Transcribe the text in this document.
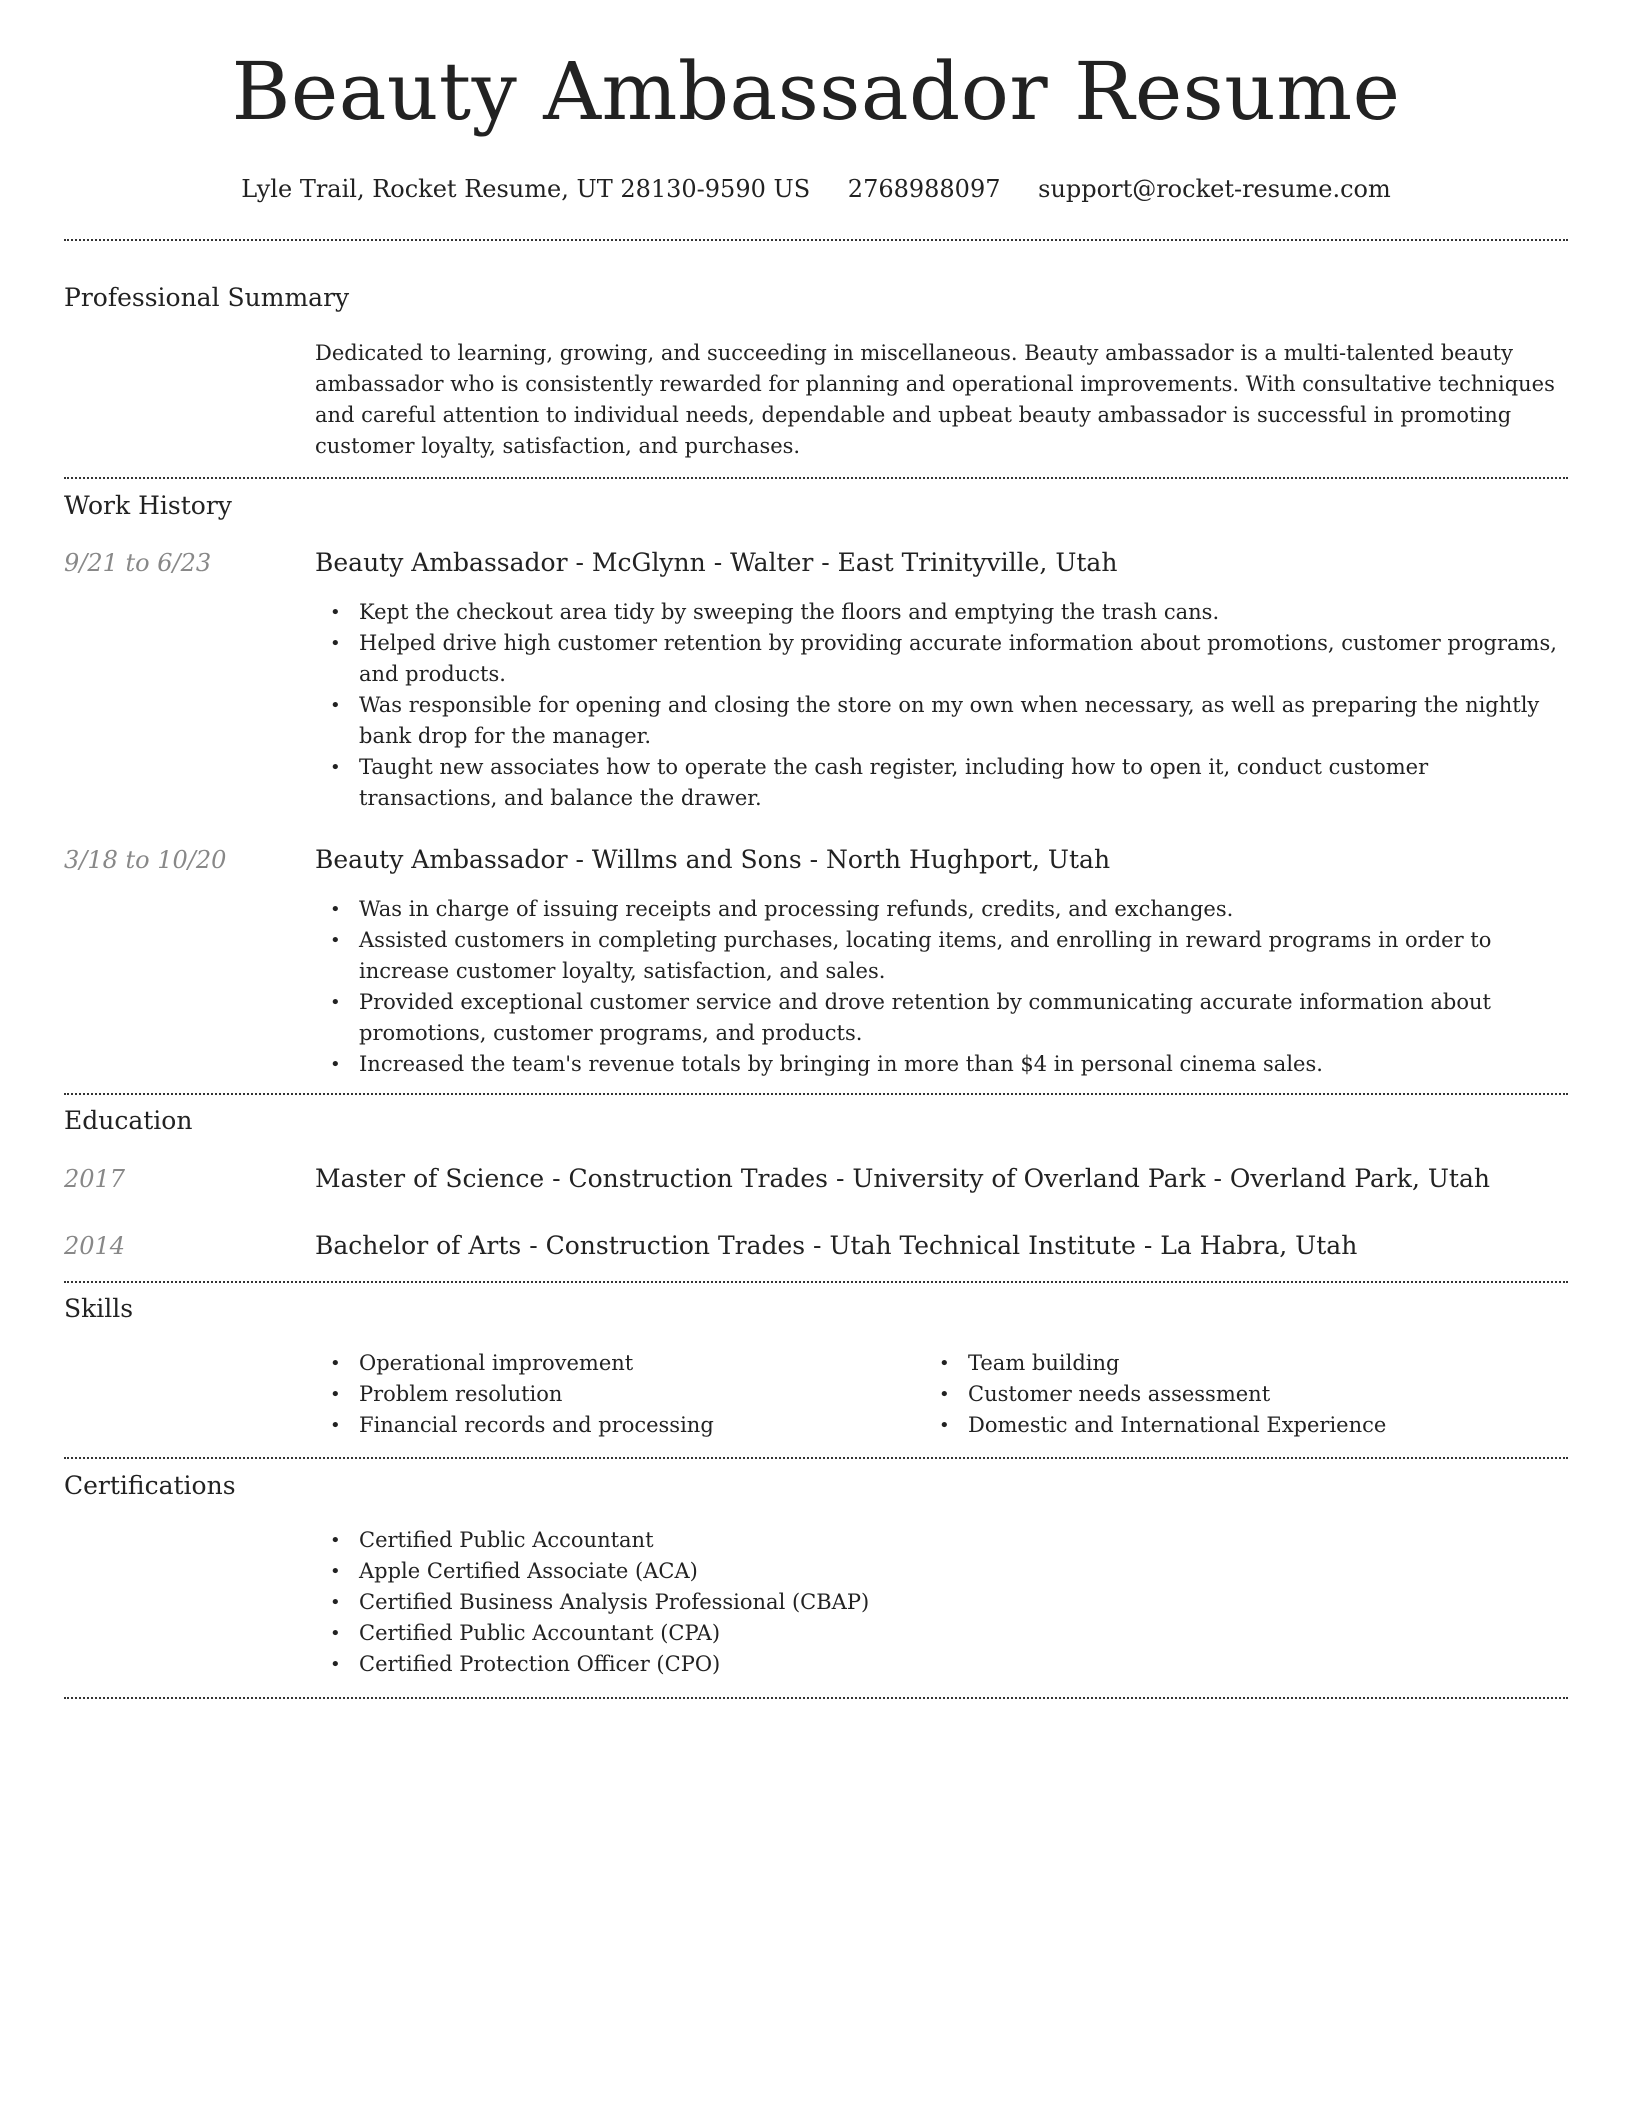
Beauty Ambassador Resume
Lyle Trail, Rocket Resume, UT 28130-9590 US 2768988097 support@rocket-resume.com
Professional Summary
Dedicated to learning, growing, and succeeding in miscellaneous. Beauty ambassador is a multi-talented beauty ambassador who is consistently rewarded for planning and operational improvements. With consultative techniques and careful attention to individual needs, dependable and upbeat beauty ambassador is successful in promoting customer loyalty, satisfaction, and purchases.
Work History
9/21 to 6/23	Beauty Ambassador - McGlynn - Walter - East Trinityville, Utah
• Kept the checkout area tidy by sweeping the floors and emptying the trash cans.
• Helped drive high customer retention by providing accurate information about promotions, customer programs, and products.
• Was responsible for opening and closing the store on my own when necessary, as well as preparing the nightly bank drop for the manager.
• Taught new associates how to operate the cash register, including how to open it, conduct customer transactions, and balance the drawer.
3/18 to 10/20	Beauty Ambassador - Willms and Sons - North Hughport, Utah
• Was in charge of issuing receipts and processing refunds, credits, and exchanges.
• Assisted customers in completing purchases, locating items, and enrolling in reward programs in order to increase customer loyalty, satisfaction, and sales.
• Provided exceptional customer service and drove retention by communicating accurate information about promotions, customer programs, and products.
• Increased the team's revenue totals by bringing in more than $4 in personal cinema sales.
Education
2017	Master of Science - Construction Trades - University of Overland Park - Overland Park, Utah
2014	Bachelor of Arts - Construction Trades - Utah Technical Institute - La Habra, Utah
Skills
• Operational improvement
• Problem resolution
• Financial records and processing
• Team building
• Customer needs assessment
• Domestic and International Experience
Certifications
• Certified Public Accountant
• Apple Certified Associate (ACA)
• Certified Business Analysis Professional (CBAP)
• Certified Public Accountant (CPA)
• Certified Protection Officer (CPO)
